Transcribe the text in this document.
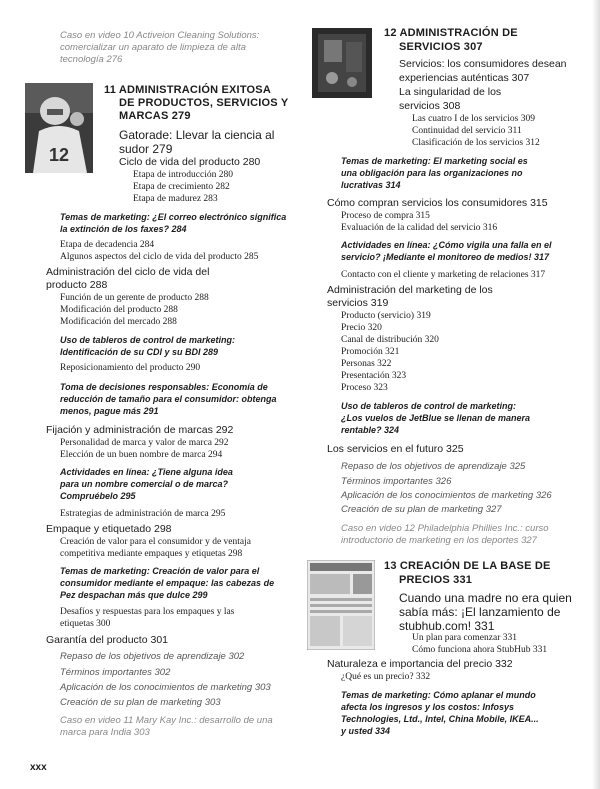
Caso en video 10 Activeion Cleaning Solutions:
comercializar un aparato de limpieza de alta
tecnología 276
12
11 ADMINISTRACIÓN EXITOSA
DE PRODUCTOS, SERVICIOS Y
MARCAS 279
Gatorade: Llevar la ciencia al
sudor 279
Ciclo de vida del producto 280
Etapa de introducción 280
Etapa de crecimiento 282
Etapa de madurez 283
Temas de marketing: ¿El correo electrónico significa
la extinción de los faxes? 284
Etapa de decadencia 284
Algunos aspectos del ciclo de vida del producto 285
Administración del ciclo de vida del
producto 288
Función de un gerente de producto 288
Modificación del producto 288
Modificación del mercado 288
Uso de tableros de control de marketing:
Identificación de su CDI y su BDI 289
Reposicionamiento del producto 290
Toma de decisiones responsables: Economía de
reducción de tamaño para el consumidor: obtenga
menos, pague más 291
Fijación y administración de marcas 292
Personalidad de marca y valor de marca 292
Elección de un buen nombre de marca 294
Actividades en línea: ¿Tiene alguna idea
para un nombre comercial o de marca?
Compruébelo 295
Estrategias de administración de marca 295
Empaque y etiquetado 298
Creación de valor para el consumidor y de ventaja
competitiva mediante empaques y etiquetas 298
Temas de marketing: Creación de valor para el
consumidor mediante el empaque: las cabezas de
Pez despachan más que dulce 299
Desafíos y respuestas para los empaques y las
etiquetas 300
Garantía del producto 301
Repaso de los objetivos de aprendizaje 302
Términos importantes 302
Aplicación de los conocimientos de marketing 303
Creación de su plan de marketing 303
Caso en video 11 Mary Kay Inc.: desarrollo de una
marca para India 303
12 ADMINISTRACIÓN DE
SERVICIOS 307
Servicios: los consumidores desean
experiencias auténticas 307
La singularidad de los
servicios 308
Las cuatro I de los servicios 309
Continuidad del servicio 311
Clasificación de los servicios 312
Temas de marketing: El marketing social es
una obligación para las organizaciones no
lucrativas 314
Cómo compran servicios los consumidores 315
Proceso de compra 315
Evaluación de la calidad del servicio 316
Actividades en línea: ¿Cómo vigila una falla en el
servicio? ¡Mediante el monitoreo de medios! 317
Contacto con el cliente y marketing de relaciones 317
Administración del marketing de los
servicios 319
Producto (servicio) 319
Precio 320
Canal de distribución 320
Promoción 321
Personas 322
Presentación 323
Proceso 323
Uso de tableros de control de marketing:
¿Los vuelos de JetBlue se llenan de manera
rentable? 324
Los servicios en el futuro 325
Repaso de los objetivos de aprendizaje 325
Términos importantes 326
Aplicación de los conocimientos de marketing 326
Creación de su plan de marketing 327
Caso en video 12 Philadelphia Phillies Inc.: curso
introductorio de marketing en los deportes 327
13 CREACIÓN DE LA BASE DE
PRECIOS 331
Cuando una madre no era quien
sabía más: ¡El lanzamiento de
stubhub.com! 331
Un plan para comenzar 331
Cómo funciona ahora StubHub 331
Naturaleza e importancia del precio 332
¿Qué es un precio? 332
Temas de marketing: Cómo aplanar el mundo
afecta los ingresos y los costos: Infosys
Technologies, Ltd., Intel, China Mobile, IKEA...
y usted 334
xxx
